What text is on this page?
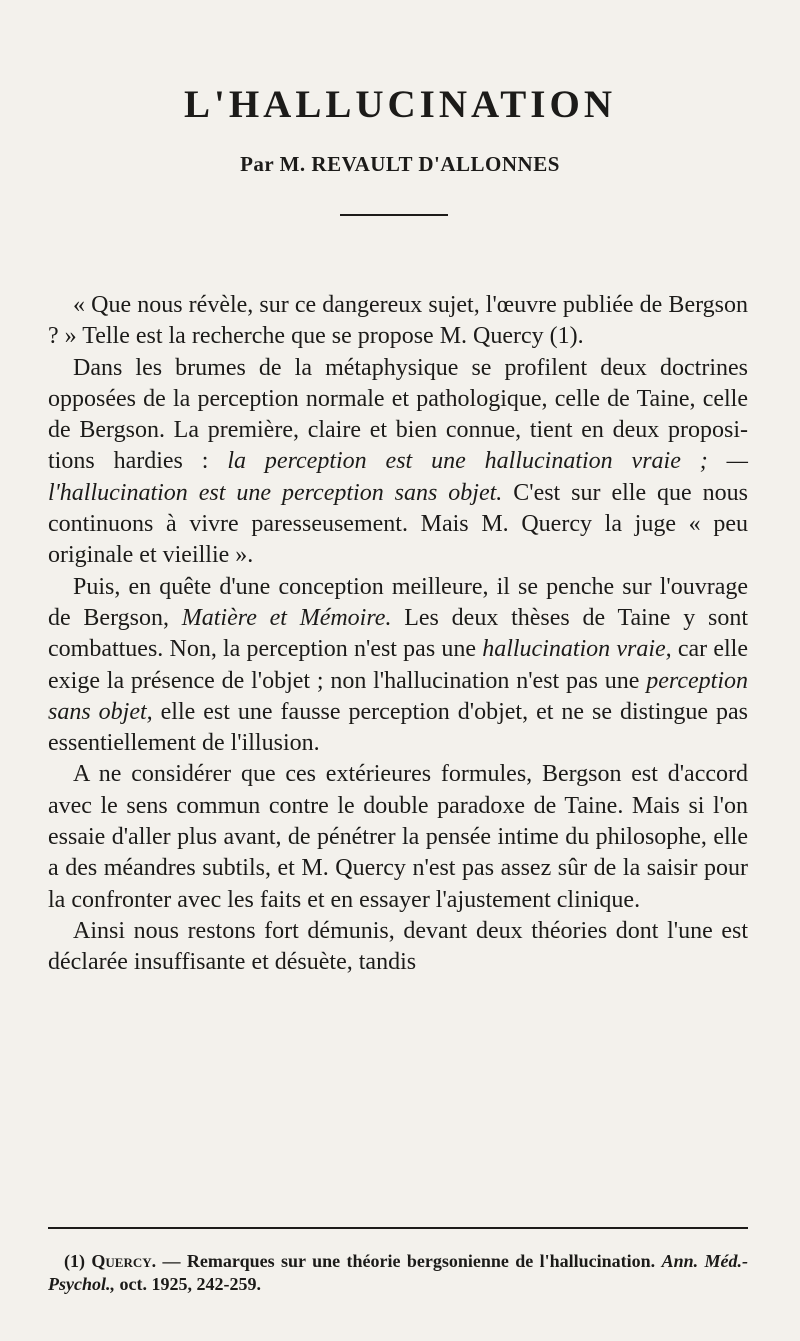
L'HALLUCINATION
Par M. REVAULT D'ALLONNES

« Que nous révèle, sur ce dangereux sujet, l'œuvre publiée de Bergson ? » Telle est la recherche que se propose M. Quercy (1).

Dans les brumes de la métaphysique se profilent deux doctrines opposées de la perception normale et pathologique, celle de Taine, celle de Bergson. La première, claire et bien connue, tient en deux propositions hardies : la perception est une hallucination vraie ; — l'hallucination est une perception sans objet. C'est sur elle que nous continuons à vivre paresseusement. Mais M. Quercy la juge « peu originale et vieillie ».

Puis, en quête d'une conception meilleure, il se penche sur l'ouvrage de Bergson, Matière et Mémoire. Les deux thèses de Taine y sont combattues. Non, la perception n'est pas une hallucination vraie, car elle exige la présence de l'objet ; non l'hallucination n'est pas une perception sans objet, elle est une fausse perception d'objet, et ne se distingue pas essentiellement de l'illusion.

A ne considérer que ces extérieures formules, Bergson est d'accord avec le sens commun contre le double paradoxe de Taine. Mais si l'on essaie d'aller plus avant, de pénétrer la pensée intime du philosophe, elle a des méandres subtils, et M. Quercy n'est pas assez sûr de la saisir pour la confronter avec les faits et en essayer l'ajustement clinique.

Ainsi nous restons fort démunis, devant deux théories dont l'une est déclarée insuffisante et désuète, tandis

(1) Quercy. — Remarques sur une théorie bergsonienne de l'hallucination. Ann. Méd.-Psychol., oct. 1925, 242-259.
